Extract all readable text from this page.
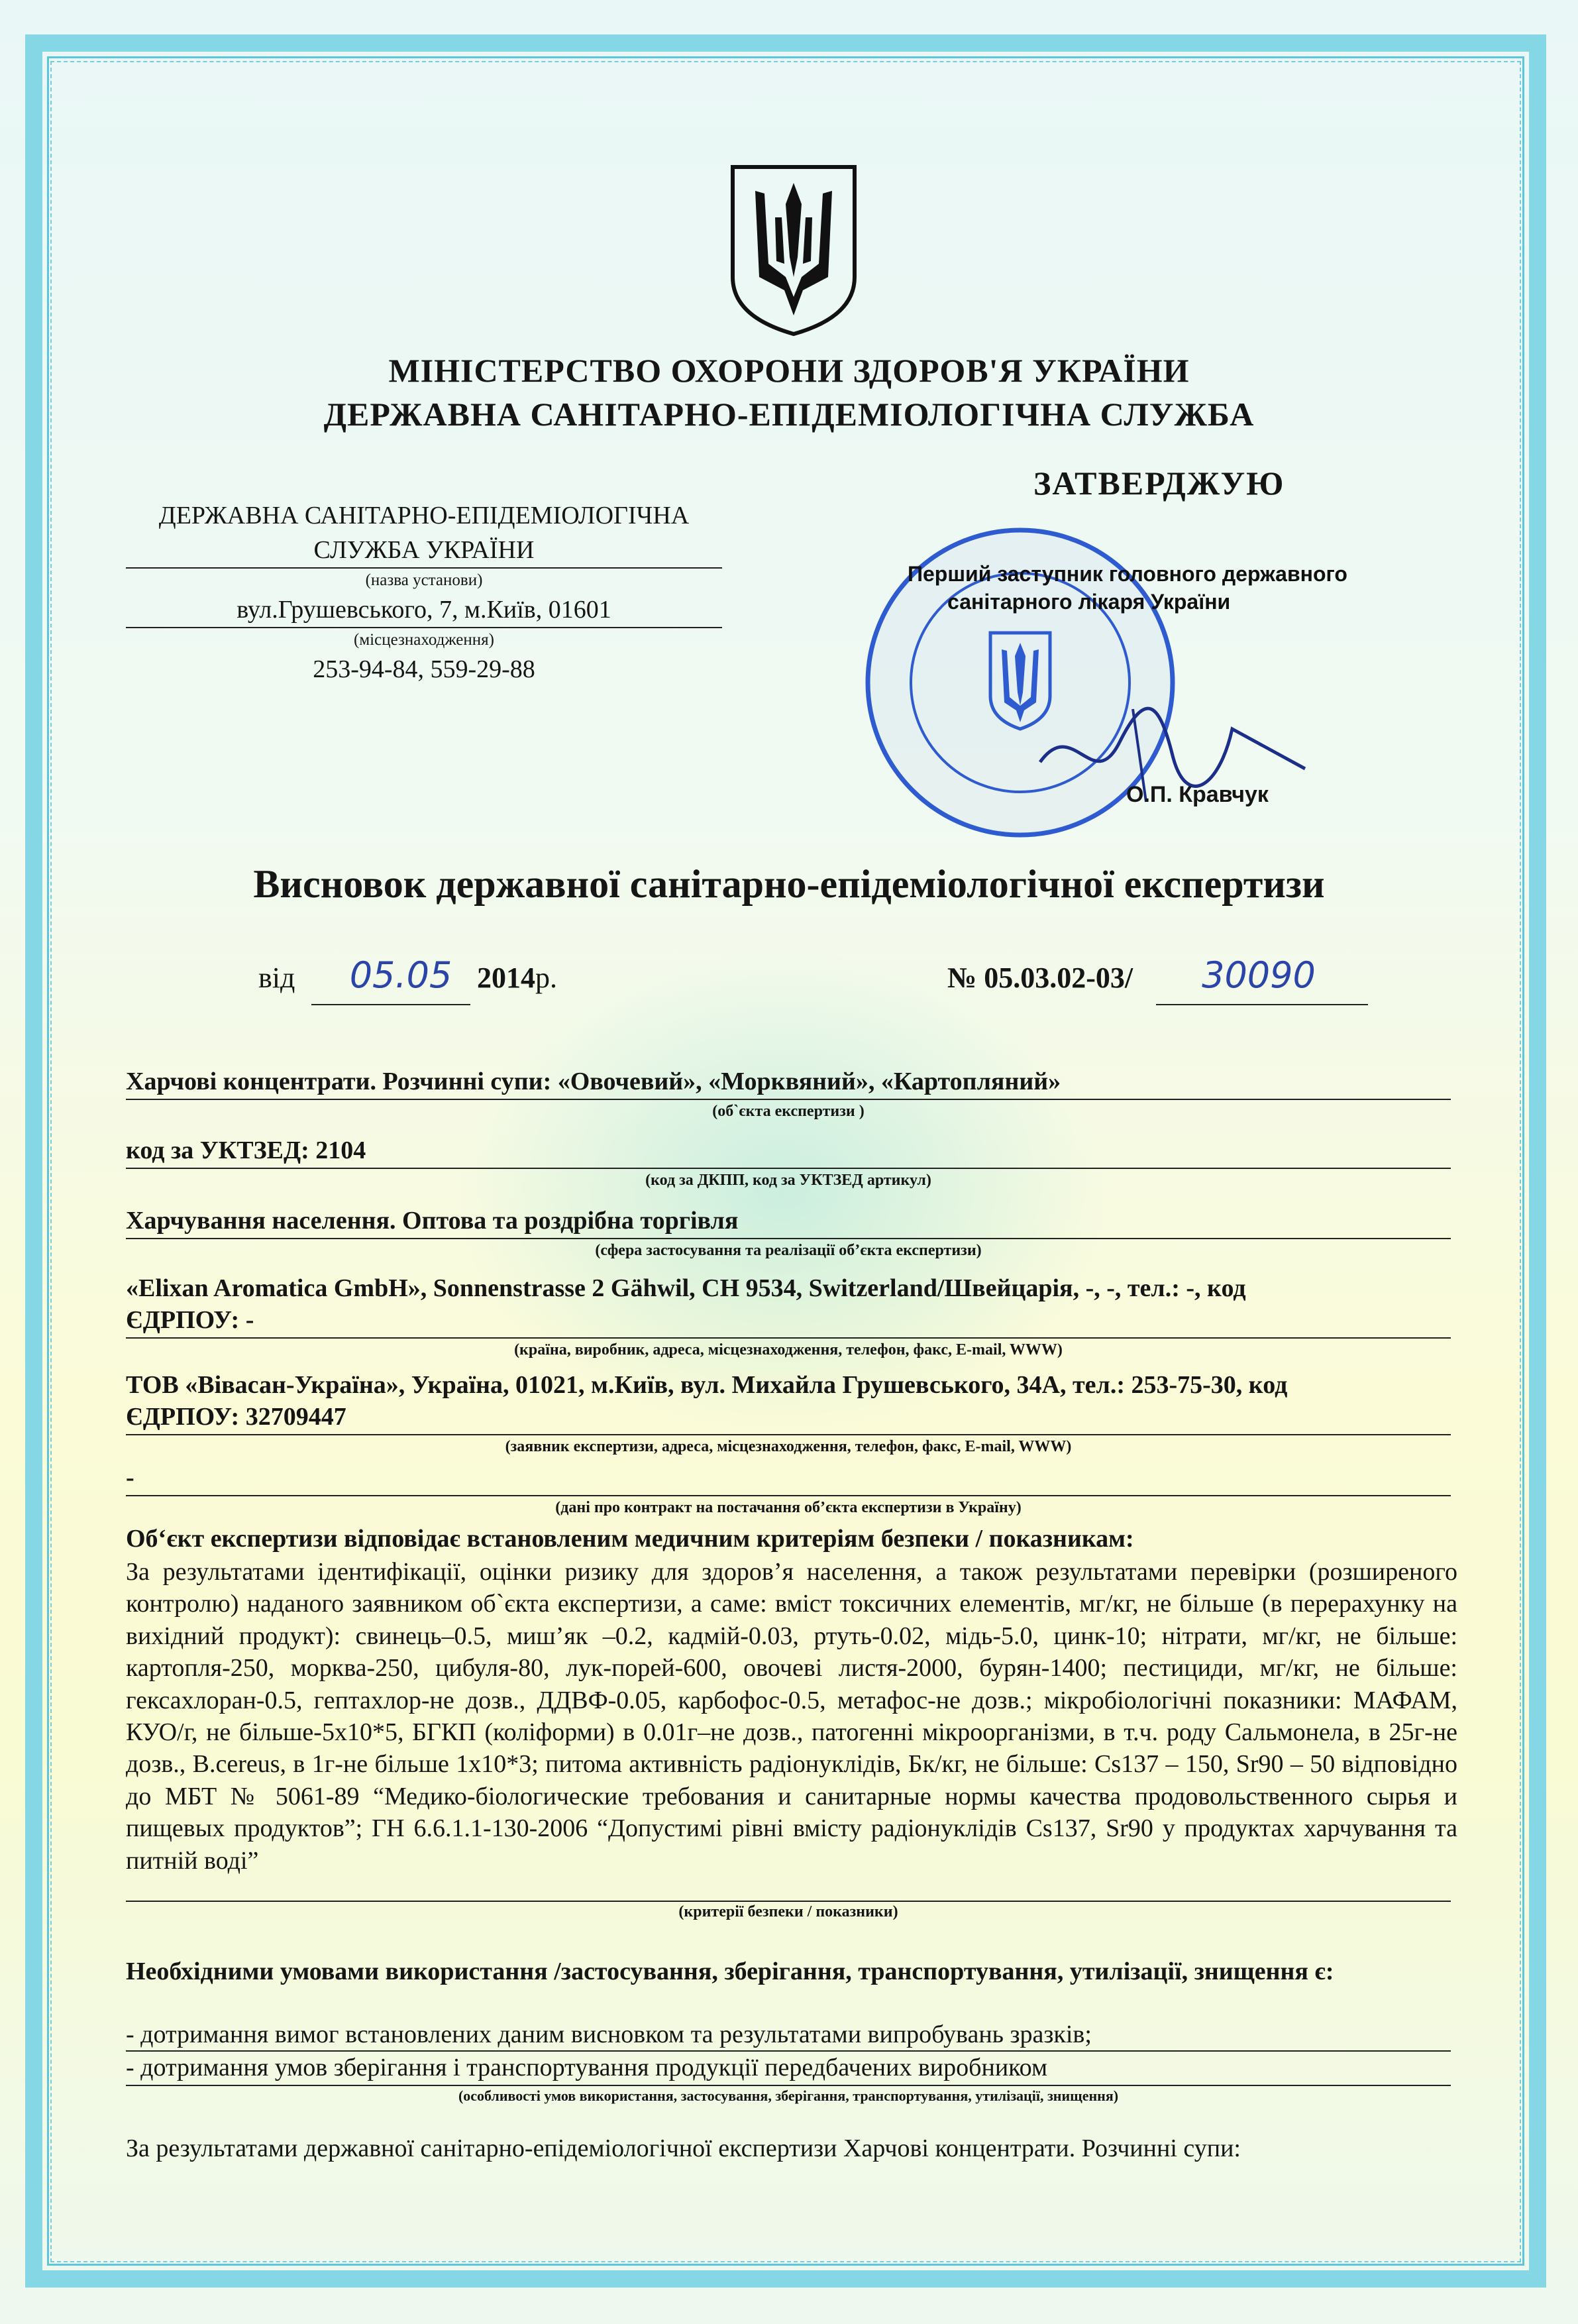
МІНІСТЕРСТВО ОХОРОНИ ЗДОРОВ'Я УКРАЇНИ
ДЕРЖАВНА САНІТАРНО-ЕПІДЕМІОЛОГІЧНА СЛУЖБА
ДЕРЖАВНА САНІТАРНО-ЕПІДЕМІОЛОГІЧНА
СЛУЖБА УКРАЇНИ
(назва установи)
вул.Грушевського, 7, м.Київ, 01601
(місцезнаходження)
253-94-84, 559-29-88
ЗАТВЕРДЖУЮ
Перший заступник головного державного
санітарного лікаря України
О.П. Кравчук
Висновок державної санітарно-епідеміологічної експертизи
від	05.05 2014р.	№ 05.03.02-03/	30090
Харчові концентрати. Розчинні супи: «Овочевий», «Морквяний», «Картопляний»
(об`єкта експертизи )
код за УКТЗЕД: 2104
(код за ДКПП, код за УКТЗЕД артикул)
Харчування населення. Оптова та роздрібна торгівля
(сфера застосування та реалізації об’єкта експертизи)
«Elixan Aromatica GmbH», Sonnenstrasse 2 Gähwil, CH 9534, Switzerland/Швейцарія, -, -, тел.: -, код
ЄДРПОУ: -
(країна, виробник, адреса, місцезнаходження, телефон, факс, E-mail, WWW)
ТОВ «Вівасан-Україна», Україна, 01021, м.Київ, вул. Михайла Грушевського, 34А, тел.: 253-75-30, код
ЄДРПОУ: 32709447
(заявник експертизи, адреса, місцезнаходження, телефон, факс, E-mail, WWW)
-
(дані про контракт на постачання об’єкта експертизи в Україну)
Об‘єкт експертизи відповідає встановленим медичним критеріям безпеки / показникам:
За результатами ідентифікації, оцінки ризику для здоров’я населення, а також результатами перевірки (розширеного контролю) наданого заявником об`єкта експертизи, а саме: вміст токсичних елементів, мг/кг, не більше (в перерахунку на вихідний продукт): свинець–0.5, миш’як –0.2, кадмій-0.03, ртуть-0.02, мідь-5.0, цинк-10; нітрати, мг/кг, не більше: картопля-250, морква-250, цибуля-80, лук-порей-600, овочеві листя-2000, бурян-1400; пестициди, мг/кг, не більше: гексахлоран-0.5, гептахлор-не дозв., ДДВФ-0.05, карбофос-0.5, метафос-не дозв.; мікробіологічні показники: МАФАМ, КУО/г, не більше-5х10*5, БГКП (коліформи) в 0.01г–не дозв., патогенні мікроорганізми, в т.ч. роду Сальмонела, в 25г-не дозв., B.cereus, в 1г-не більше 1х10*3; питома активність радіонуклідів, Бк/кг, не більше: Cs137 – 150, Sr90 – 50 відповідно до МБТ № 5061-89 “Медико-біологические требования и санитарные нормы качества продовольственного сырья и пищевых продуктов”; ГН 6.6.1.1-130-2006 “Допустимі рівні вмісту радіонуклідів Cs137, Sr90 у продуктах харчування та питній воді”
(критерії безпеки / показники)
Необхідними умовами використання /застосування, зберігання, транспортування, утилізації, знищення є:
- дотримання вимог встановлених даним висновком та результатами випробувань зразків;
- дотримання умов зберігання і транспортування продукції передбачених виробником
(особливості умов використання, застосування, зберігання, транспортування, утилізації, знищення)
За результатами державної санітарно-епідеміологічної експертизи Харчові концентрати. Розчинні супи:
